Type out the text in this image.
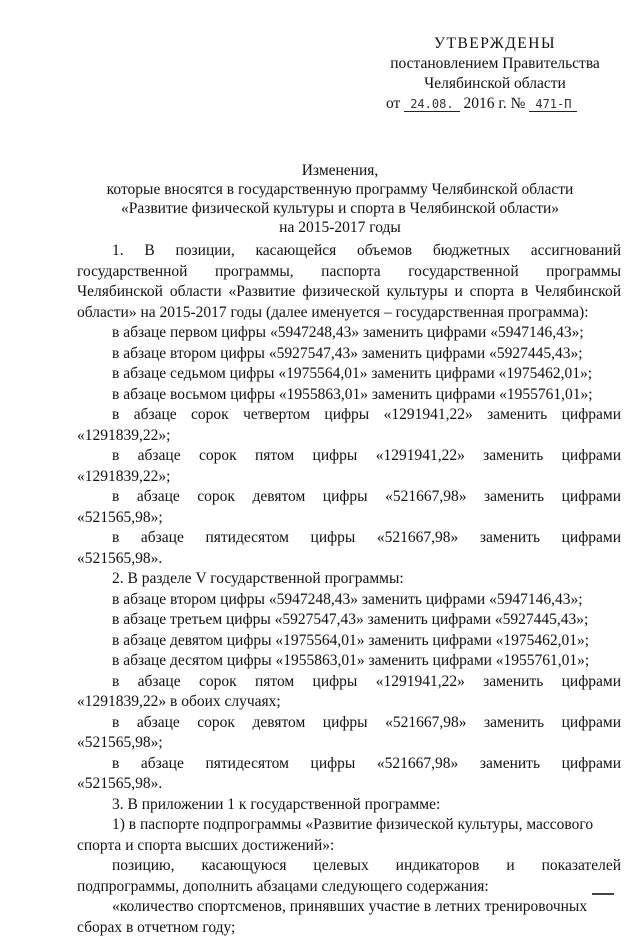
УТВЕРЖДЕНЫ
постановлением Правительства
Челябинской области
от 24.08. 2016 г. № 471-П
Изменения,
которые вносятся в государственную программу Челябинской области
«Развитие физической культуры и спорта в Челябинской области»
на 2015-2017 годы
1. В позиции, касающейся объемов бюджетных ассигнований
государственной программы, паспорта государственной программы
Челябинской области «Развитие физической культуры и спорта в Челябинской
области» на 2015-2017 годы (далее именуется – государственная программа):
в абзаце первом цифры «5947248,43» заменить цифрами «5947146,43»;
в абзаце втором цифры «5927547,43» заменить цифрами «5927445,43»;
в абзаце седьмом цифры «1975564,01» заменить цифрами «1975462,01»;
в абзаце восьмом цифры «1955863,01» заменить цифрами «1955761,01»;
в абзаце сорок четвертом цифры «1291941,22» заменить цифрами
«1291839,22»;
в абзаце сорок пятом цифры «1291941,22» заменить цифрами
«1291839,22»;
в абзаце сорок девятом цифры «521667,98» заменить цифрами
«521565,98»;
в абзаце пятидесятом цифры «521667,98» заменить цифрами
«521565,98».
2. В разделе V государственной программы:
в абзаце втором цифры «5947248,43» заменить цифрами «5947146,43»;
в абзаце третьем цифры «5927547,43» заменить цифрами «5927445,43»;
в абзаце девятом цифры «1975564,01» заменить цифрами «1975462,01»;
в абзаце десятом цифры «1955863,01» заменить цифрами «1955761,01»;
в абзаце сорок пятом цифры «1291941,22» заменить цифрами
«1291839,22» в обоих случаях;
в абзаце сорок девятом цифры «521667,98» заменить цифрами
«521565,98»;
в абзаце пятидесятом цифры «521667,98» заменить цифрами
«521565,98».
3. В приложении 1 к государственной программе:
1) в паспорте подпрограммы «Развитие физической культуры, массового
спорта и спорта высших достижений»:
позицию, касающуюся целевых индикаторов и показателей
подпрограммы, дополнить абзацами следующего содержания:
«количество спортсменов, принявших участие в летних тренировочных
сборах в отчетном году;
